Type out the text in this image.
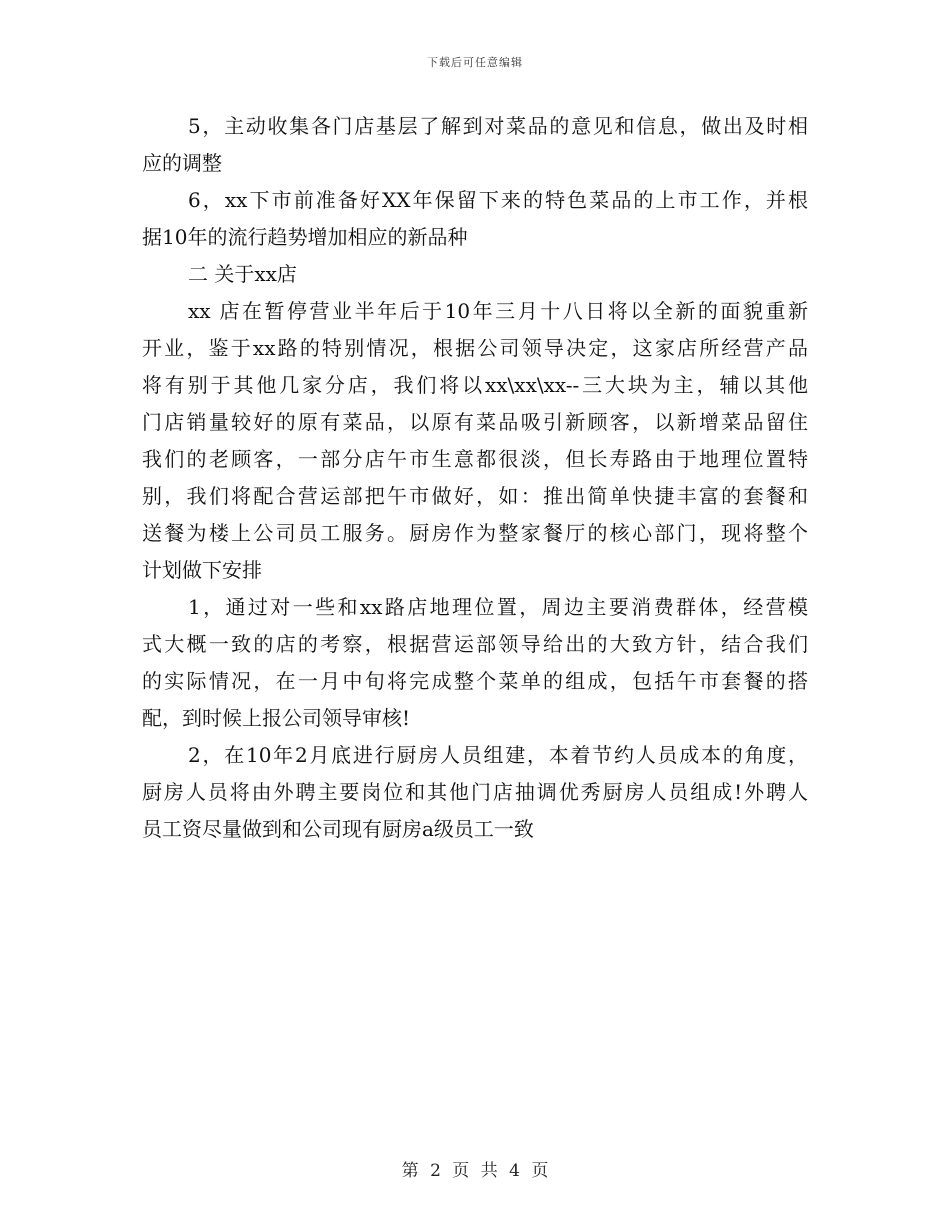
下载后可任意编辑
5，主动收集各门店基层了解到对菜品的意见和信息，做出及时相
应的调整
6，xx下市前准备好XX年保留下来的特色菜品的上市工作，并根
据10年的流行趋势增加相应的新品种
二 关于xx店
xx 店在暂停营业半年后于10年三月十八日将以全新的面貌重新
开业，鉴于xx路的特别情况，根据公司领导决定，这家店所经营产品
将有别于其他几家分店，我们将以xx\xx\xx--三大块为主，辅以其他
门店销量较好的原有菜品，以原有菜品吸引新顾客，以新增菜品留住
我们的老顾客，一部分店午市生意都很淡，但长寿路由于地理位置特
别，我们将配合营运部把午市做好，如：推出简单快捷丰富的套餐和
送餐为楼上公司员工服务。厨房作为整家餐厅的核心部门，现将整个
计划做下安排
1，通过对一些和xx路店地理位置，周边主要消费群体，经营模
式大概一致的店的考察，根据营运部领导给出的大致方针，结合我们
的实际情况，在一月中旬将完成整个菜单的组成，包括午市套餐的搭
配，到时候上报公司领导审核!
2，在10年2月底进行厨房人员组建，本着节约人员成本的角度，
厨房人员将由外聘主要岗位和其他门店抽调优秀厨房人员组成!外聘人
员工资尽量做到和公司现有厨房a级员工一致
第 2 页 共 4 页
